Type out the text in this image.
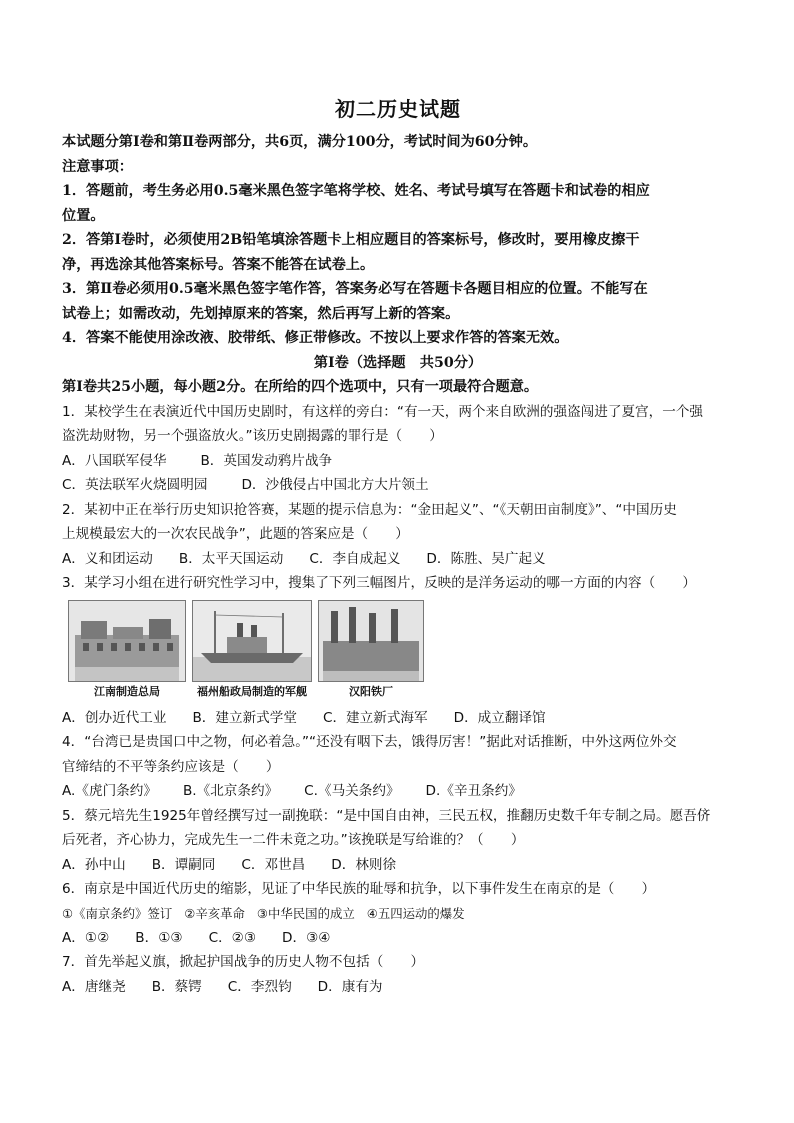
初二历史试题

本试题分第Ⅰ卷和第Ⅱ卷两部分，共6页，满分100分，考试时间为60分钟。

注意事项：

1．答题前，考生务必用0.5毫米黑色签字笔将学校、姓名、考试号填写在答题卡和试卷的相应

位置。

2．答第Ⅰ卷时，必须使用2B铅笔填涂答题卡上相应题目的答案标号，修改时，要用橡皮擦干

净，再选涂其他答案标号。答案不能答在试卷上。

3．第Ⅱ卷必须用0.5毫米黑色签字笔作答，答案务必写在答题卡各题目相应的位置。不能写在

试卷上；如需改动，先划掉原来的答案，然后再写上新的答案。

4．答案不能使用涂改液、胶带纸、修正带修改。不按以上要求作答的答案无效。

第Ⅰ卷（选择题　共50分）

第Ⅰ卷共25小题，每小题2分。在所给的四个选项中，只有一项最符合题意。

1．某校学生在表演近代中国历史剧时，有这样的旁白：“有一天，两个来自欧洲的强盗闯进了夏宫，一个强

盗洗劫财物，另一个强盗放火。”该历史剧揭露的罪行是（　　）

A．八国联军侵华	B．英国发动鸦片战争

C．英法联军火烧圆明园	D．沙俄侵占中国北方大片领土

2．某初中正在举行历史知识抢答赛，某题的提示信息为：“金田起义”、“《天朝田亩制度》”、“中国历史

上规模最宏大的一次农民战争”，此题的答案应是（　　）

A．义和团运动 B．太平天国运动 C．李自成起义 D．陈胜、吴广起义

3．某学习小组在进行研究性学习中，搜集了下列三幅图片，反映的是洋务运动的哪一方面的内容（　　）

江南制造总局	福州船政局制造的军舰	汉阳铁厂

A．创办近代工业 B．建立新式学堂 C．建立新式海军 D．成立翻译馆

4．“台湾已是贵国口中之物，何必着急。”“还没有咽下去，饿得厉害！”据此对话推断，中外这两位外交

官缔结的不平等条约应该是（　　）

A.《虎门条约》 B.《北京条约》 C.《马关条约》 D.《辛丑条约》

5．蔡元培先生1925年曾经撰写过一副挽联：“是中国自由神，三民五权，推翻历史数千年专制之局。愿吾侪

后死者，齐心协力，完成先生一二件未竟之功。”该挽联是写给谁的？（　　）

A．孙中山 B．谭嗣同 C．邓世昌 D．林则徐

6．南京是中国近代历史的缩影，见证了中华民族的耻辱和抗争，以下事件发生在南京的是（　　）

①《南京条约》签订 ②辛亥革命 ③中华民国的成立 ④五四运动的爆发

A．①② B．①③ C．②③ D．③④

7．首先举起义旗，掀起护国战争的历史人物不包括（　　）

A．唐继尧 B．蔡锷 C．李烈钧 D．康有为
